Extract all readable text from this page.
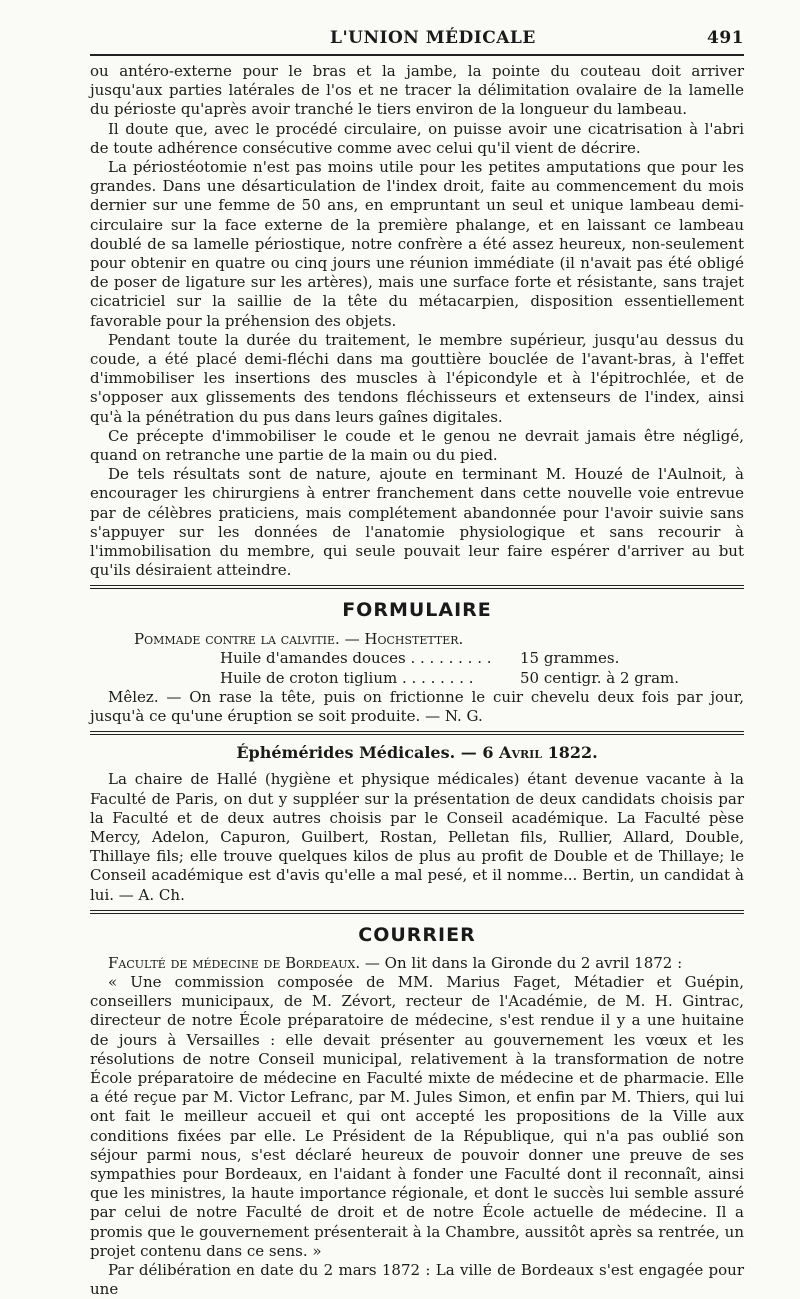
L'UNION MÉDICALE	491

ou antéro-externe pour le bras et la jambe, la pointe du couteau doit arriver jusqu'aux parties latérales de l'os et ne tracer la délimitation ovalaire de la lamelle du périoste qu'après avoir tranché le tiers environ de la longueur du lambeau.

Il doute que, avec le procédé circulaire, on puisse avoir une cicatrisation à l'abri de toute adhérence consécutive comme avec celui qu'il vient de décrire.

La périostéotomie n'est pas moins utile pour les petites amputations que pour les grandes. Dans une désarticulation de l'index droit, faite au commencement du mois dernier sur une femme de 50 ans, en empruntant un seul et unique lambeau demi-circulaire sur la face externe de la première phalange, et en laissant ce lambeau doublé de sa lamelle périostique, notre confrère a été assez heureux, non-seulement pour obtenir en quatre ou cinq jours une réunion immédiate (il n'avait pas été obligé de poser de ligature sur les artères), mais une surface forte et résistante, sans trajet cicatriciel sur la saillie de la tête du métacarpien, disposition essentiellement favorable pour la préhension des objets.

Pendant toute la durée du traitement, le membre supérieur, jusqu'au dessus du coude, a été placé demi-fléchi dans ma gouttière bouclée de l'avant-bras, à l'effet d'immobiliser les insertions des muscles à l'épicondyle et à l'épitrochlée, et de s'opposer aux glissements des tendons fléchisseurs et extenseurs de l'index, ainsi qu'à la pénétration du pus dans leurs gaînes digitales.

Ce précepte d'immobiliser le coude et le genou ne devrait jamais être négligé, quand on retranche une partie de la main ou du pied.

De tels résultats sont de nature, ajoute en terminant M. Houzé de l'Aulnoit, à encourager les chirurgiens à entrer franchement dans cette nouvelle voie entrevue par de célèbres praticiens, mais complétement abandonnée pour l'avoir suivie sans s'appuyer sur les données de l'anatomie physiologique et sans recourir à l'immobilisation du membre, qui seule pouvait leur faire espérer d'arriver au but qu'ils désiraient atteindre.

FORMULAIRE
Pommade contre la calvitie. — Hochstetter.
Huile d'amandes douces . . . . . . . . .	15 grammes.
Huile de croton tiglium . . . . . . . .	50 centigr. à 2 gram.

Mêlez. — On rase la tête, puis on frictionne le cuir chevelu deux fois par jour, jusqu'à ce qu'une éruption se soit produite. — N. G.

Éphémérides Médicales. — 6 Avril 1822.

La chaire de Hallé (hygiène et physique médicales) étant devenue vacante à la Faculté de Paris, on dut y suppléer sur la présentation de deux candidats choisis par la Faculté et de deux autres choisis par le Conseil académique. La Faculté pèse Mercy, Adelon, Capuron, Guilbert, Rostan, Pelletan fils, Rullier, Allard, Double, Thillaye fils; elle trouve quelques kilos de plus au profit de Double et de Thillaye; le Conseil académique est d'avis qu'elle a mal pesé, et il nomme... Bertin, un candidat à lui. — A. Ch.

COURRIER

Faculté de médecine de Bordeaux. — On lit dans la Gironde du 2 avril 1872 :

« Une commission composée de MM. Marius Faget, Métadier et Guépin, conseillers municipaux, de M. Zévort, recteur de l'Académie, de M. H. Gintrac, directeur de notre École préparatoire de médecine, s'est rendue il y a une huitaine de jours à Versailles : elle devait présenter au gouvernement les vœux et les résolutions de notre Conseil municipal, relativement à la transformation de notre École préparatoire de médecine en Faculté mixte de médecine et de pharmacie. Elle a été reçue par M. Victor Lefranc, par M. Jules Simon, et enfin par M. Thiers, qui lui ont fait le meilleur accueil et qui ont accepté les propositions de la Ville aux conditions fixées par elle. Le Président de la République, qui n'a pas oublié son séjour parmi nous, s'est déclaré heureux de pouvoir donner une preuve de ses sympathies pour Bordeaux, en l'aidant à fonder une Faculté dont il reconnaît, ainsi que les ministres, la haute importance régionale, et dont le succès lui semble assuré par celui de notre Faculté de droit et de notre École actuelle de médecine. Il a promis que le gouvernement présenterait à la Chambre, aussitôt après sa rentrée, un projet contenu dans ce sens. »

Par délibération en date du 2 mars 1872 : La ville de Bordeaux s'est engagée pour une
